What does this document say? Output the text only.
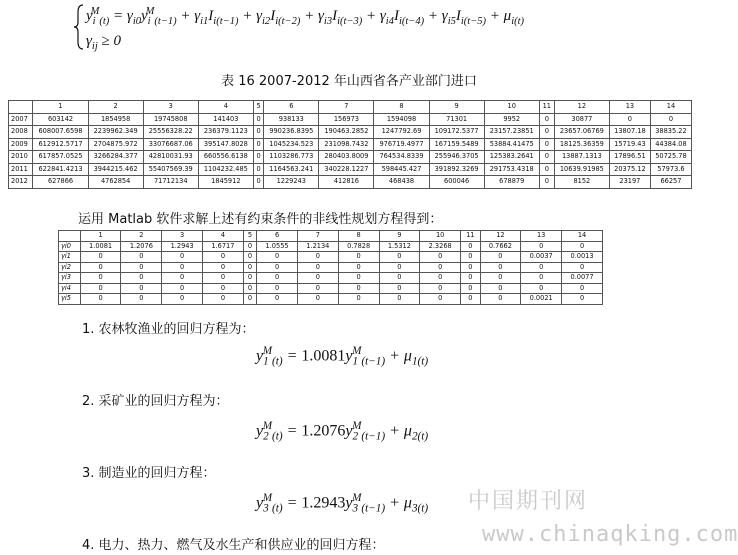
$y_i^M_{(t)} = \gamma_{i0}y_i^M_{(t-1)} + \gamma_{i1}I_{i(t-1)} + \gamma_{i2}I_{i(t-2)} + \gamma_{i3}I_{i(t-3)} + \gamma_{i4}I_{i(t-4)} + \gamma_{i5}I_{i(t-5)} + \mu_{i(t)}$
$\gamma_{ij} \ge 0$
表 16 2007-2012 年山西省各产业部门进口
	1	2	3	4	5	6	7	8	9	10	11	12	13	14
2007	603142	1854958	19745808	141403	0	938133	156973	1594098	71301	9952	0	30877	0	0
2008	608007.6598	2239962.349	25556328.22	236379.1123	0	990236.8395	190463.2852	1247792.69	109172.5377	23157.23851	0	23657.06769	13807.18	38835.22
2009	612912.5717	2704875.972	33076687.06	395147.8028	0	1045234.523	231098.7432	976719.4977	167159.5489	53884.41475	0	18125.36359	15719.43	44384.08
2010	617857.0525	3266284.377	42810031.93	660556.6138	0	1103286.773	280403.8009	764534.8339	255946.3705	125383.2641	0	13887.1313	17896.51	50725.78
2011	622841.4213	3944215.462	55407569.39	1104232.485	0	1164563.241	340228.1227	598445.427	391892.3269	291753.4318	0	10639.91985	20375.12	57973.6
2012	627866	4762854	71712134	1845912	0	1229243	412816	468438	600046	678879	0	8152	23197	66257
运用 Matlab 软件求解上述有约束条件的非线性规划方程得到：
	1	2	3	4	5	6	7	8	9	10	11	12	13	14
γi0	1.0081	1.2076	1.2943	1.6717	0	1.0555	1.2134	0.7828	1.5312	2.3268	0	0.7662	0	0
γi1	0	0	0	0	0	0	0	0	0	0	0	0	0.0037	0.0013
γi2	0	0	0	0	0	0	0	0	0	0	0	0	0	0
γi3	0	0	0	0	0	0	0	0	0	0	0	0	0	0.0077
γi4	0	0	0	0	0	0	0	0	0	0	0	0	0	0
γi5	0	0	0	0	0	0	0	0	0	0	0	0	0.0021	0
1. 农林牧渔业的回归方程为：
$y_1^M_{(t)} = 1.0081y_1^M_{(t-1)} + \mu_{1(t)}$
2. 采矿业的回归方程为：
$y_2^M_{(t)} = 1.2076y_2^M_{(t-1)} + \mu_{2(t)}$
3. 制造业的回归方程：
$y_3^M_{(t)} = 1.2943y_3^M_{(t-1)} + \mu_{3(t)}$
4. 电力、热力、燃气及水生产和供应业的回归方程：
中国期刊网
www.chinaqking.com
